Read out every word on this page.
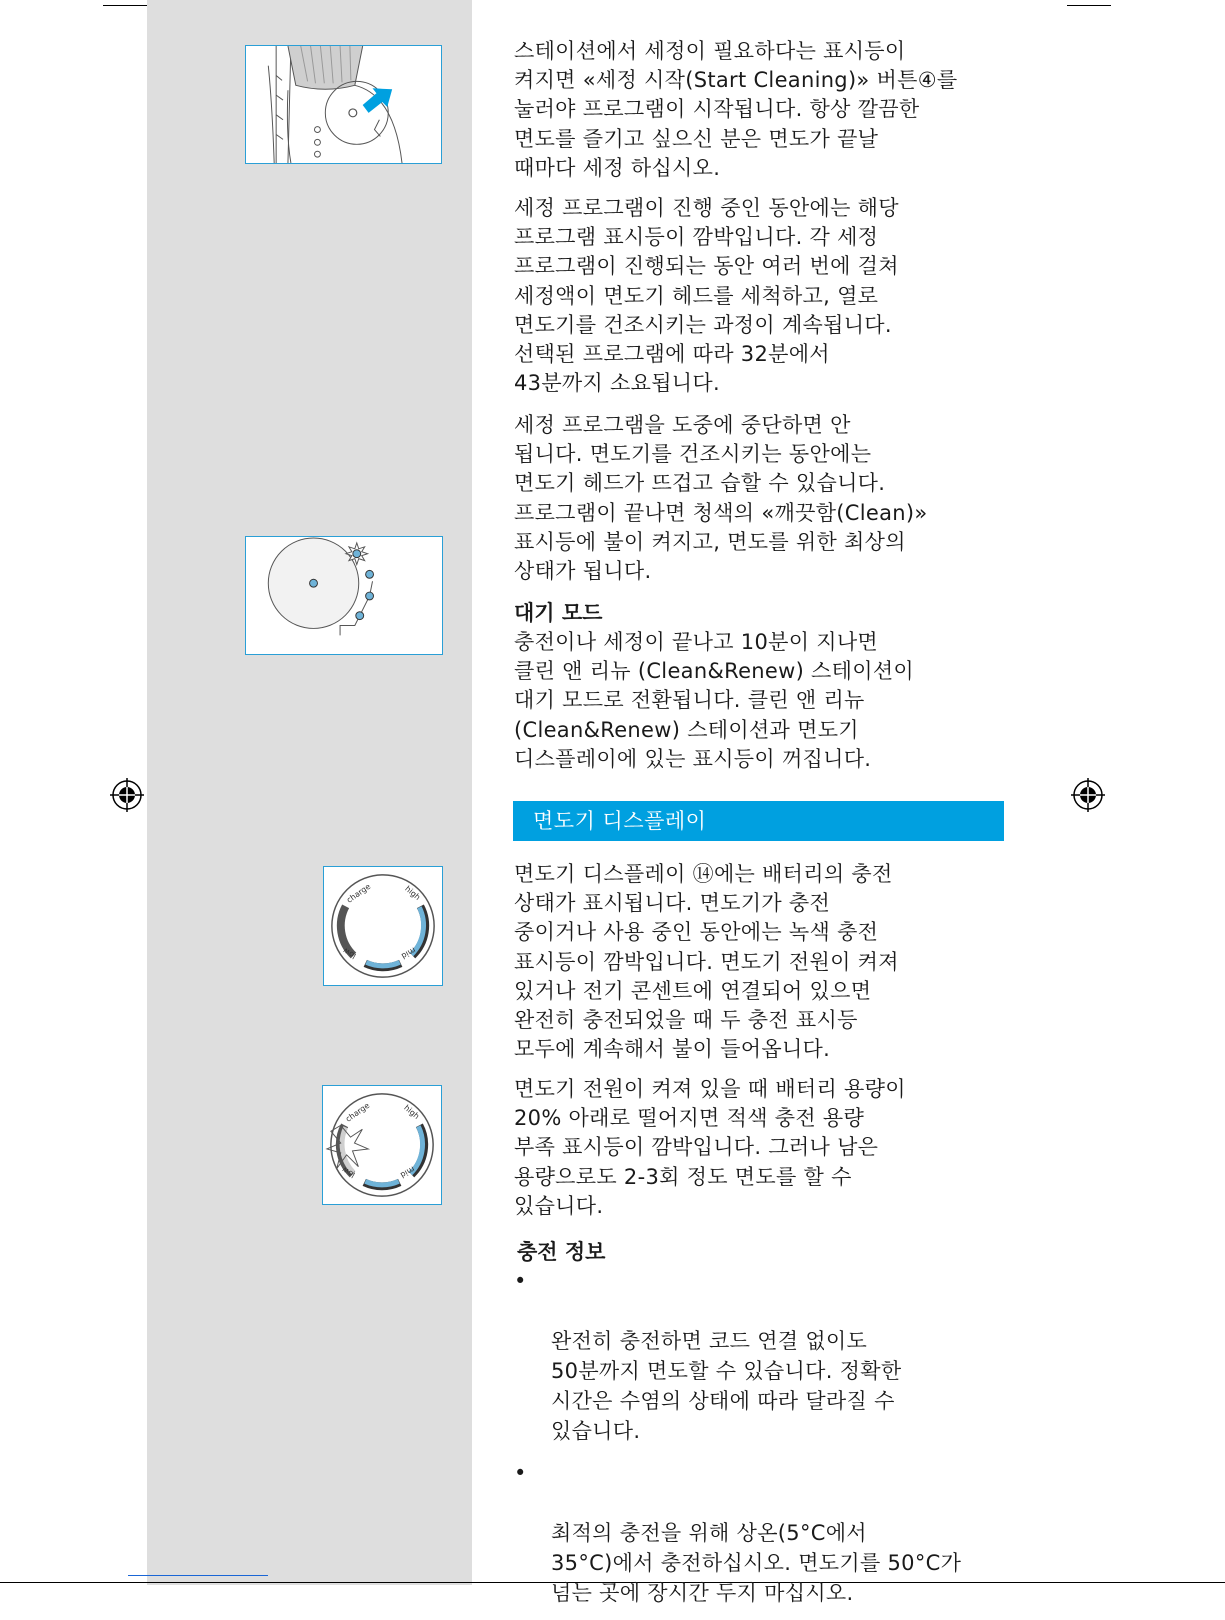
charge	high
low	mid
charge	high
low	mid

스테이션에서 세정이 필요하다는 표시등이
켜지면 «세정 시작(Start Cleaning)» 버튼④를
눌러야 프로그램이 시작됩니다. 항상 깔끔한
면도를 즐기고 싶으신 분은 면도가 끝날
때마다 세정 하십시오.

세정 프로그램이 진행 중인 동안에는 해당
프로그램 표시등이 깜박입니다. 각 세정
프로그램이 진행되는 동안 여러 번에 걸쳐
세정액이 면도기 헤드를 세척하고, 열로
면도기를 건조시키는 과정이 계속됩니다.
선택된 프로그램에 따라 32분에서
43분까지 소요됩니다.

세정 프로그램을 도중에 중단하면 안
됩니다. 면도기를 건조시키는 동안에는
면도기 헤드가 뜨겁고 습할 수 있습니다.
프로그램이 끝나면 청색의 «깨끗함(Clean)»
표시등에 불이 켜지고, 면도를 위한 최상의
상태가 됩니다.

대기 모드

충전이나 세정이 끝나고 10분이 지나면
클린 앤 리뉴 (Clean&Renew) 스테이션이
대기 모드로 전환됩니다. 클린 앤 리뉴
(Clean&Renew) 스테이션과 면도기
디스플레이에 있는 표시등이 꺼집니다.

면도기 디스플레이

면도기 디스플레이 ⑭에는 배터리의 충전
상태가 표시됩니다. 면도기가 충전
중이거나 사용 중인 동안에는 녹색 충전
표시등이 깜박입니다. 면도기 전원이 켜져
있거나 전기 콘센트에 연결되어 있으면
완전히 충전되었을 때 두 충전 표시등
모두에 계속해서 불이 들어옵니다.

면도기 전원이 켜져 있을 때 배터리 용량이
20% 아래로 떨어지면 적색 충전 용량
부족 표시등이 깜박입니다. 그러나 남은
용량으로도 2-3회 정도 면도를 할 수
있습니다.

충전 정보

•

완전히 충전하면 코드 연결 없이도
50분까지 면도할 수 있습니다. 정확한
시간은 수염의 상태에 따라 달라질 수
있습니다.

•

최적의 충전을 위해 상온(5°C에서
35°C)에서 충전하십시오. 면도기를 50°C가
넘는 곳에 장시간 두지 마십시오.
